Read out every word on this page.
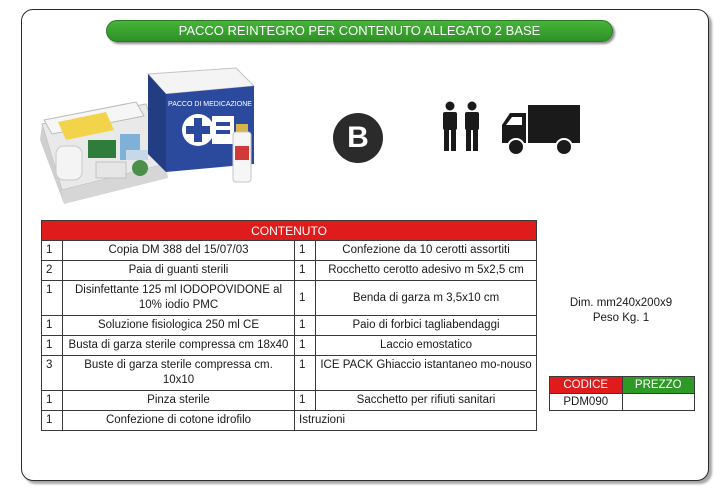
PACCO REINTEGRO PER CONTENUTO ALLEGATO 2 BASE
PACCO DI MEDICAZIONE
B
CONTENUTO			
1	Copia DM 388 del 15/07/03	1	Confezione da 10 cerotti assortiti
2	Paia di guanti sterili	1	Rocchetto cerotto adesivo m 5x2,5 cm
1	Disinfettante 125 ml IODOPOVIDONE al 10% iodio PMC	1	Benda di garza m 3,5x10 cm
1	Soluzione fisiologica 250 ml CE	1	Paio di forbici tagliabendaggi
1	Busta di garza sterile compressa cm 18x40	1	Laccio emostatico
3	Buste di garza sterile compressa cm. 10x10	1	ICE PACK Ghiaccio istantaneo mo-nouso
1	Pinza sterile	1	Sacchetto per rifiuti sanitari
1	Confezione di cotone idrofilo	Istruzioni	
Dim. mm240x200x9
Peso Kg. 1
CODICE	PREZZO
PDM090	
